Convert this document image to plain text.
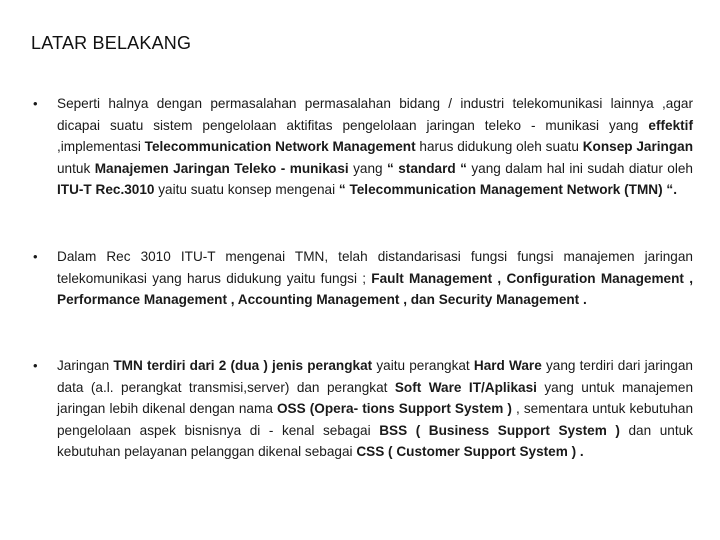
LATAR BELAKANG
• Seperti halnya dengan permasalahan permasalahan bidang / industri telekomunikasi lainnya ,agar dicapai suatu sistem pengelolaan aktifitas pengelolaan jaringan teleko - munikasi yang effektif ,implementasi Telecommunication Network Management harus didukung oleh suatu Konsep Jaringan untuk Manajemen Jaringan Teleko - munikasi yang “ standard “ yang dalam hal ini sudah diatur oleh ITU-T Rec.3010 yaitu suatu konsep mengenai “ Telecommunication Management Network (TMN) “.
• Dalam Rec 3010 ITU-T mengenai TMN, telah distandarisasi fungsi fungsi manajemen jaringan telekomunikasi yang harus didukung yaitu fungsi ; Fault Management , Configuration Management , Performance Management , Accounting Management , dan Security Management .
• Jaringan TMN terdiri dari 2 (dua ) jenis perangkat yaitu perangkat Hard Ware yang terdiri dari jaringan data (a.l. perangkat transmisi,server) dan perangkat Soft Ware IT/Aplikasi yang untuk manajemen jaringan lebih dikenal dengan nama OSS (Opera- tions Support System ) , sementara untuk kebutuhan pengelolaan aspek bisnisnya di - kenal sebagai BSS ( Business Support System ) dan untuk kebutuhan pelayanan pelanggan dikenal sebagai CSS ( Customer Support System ) .
